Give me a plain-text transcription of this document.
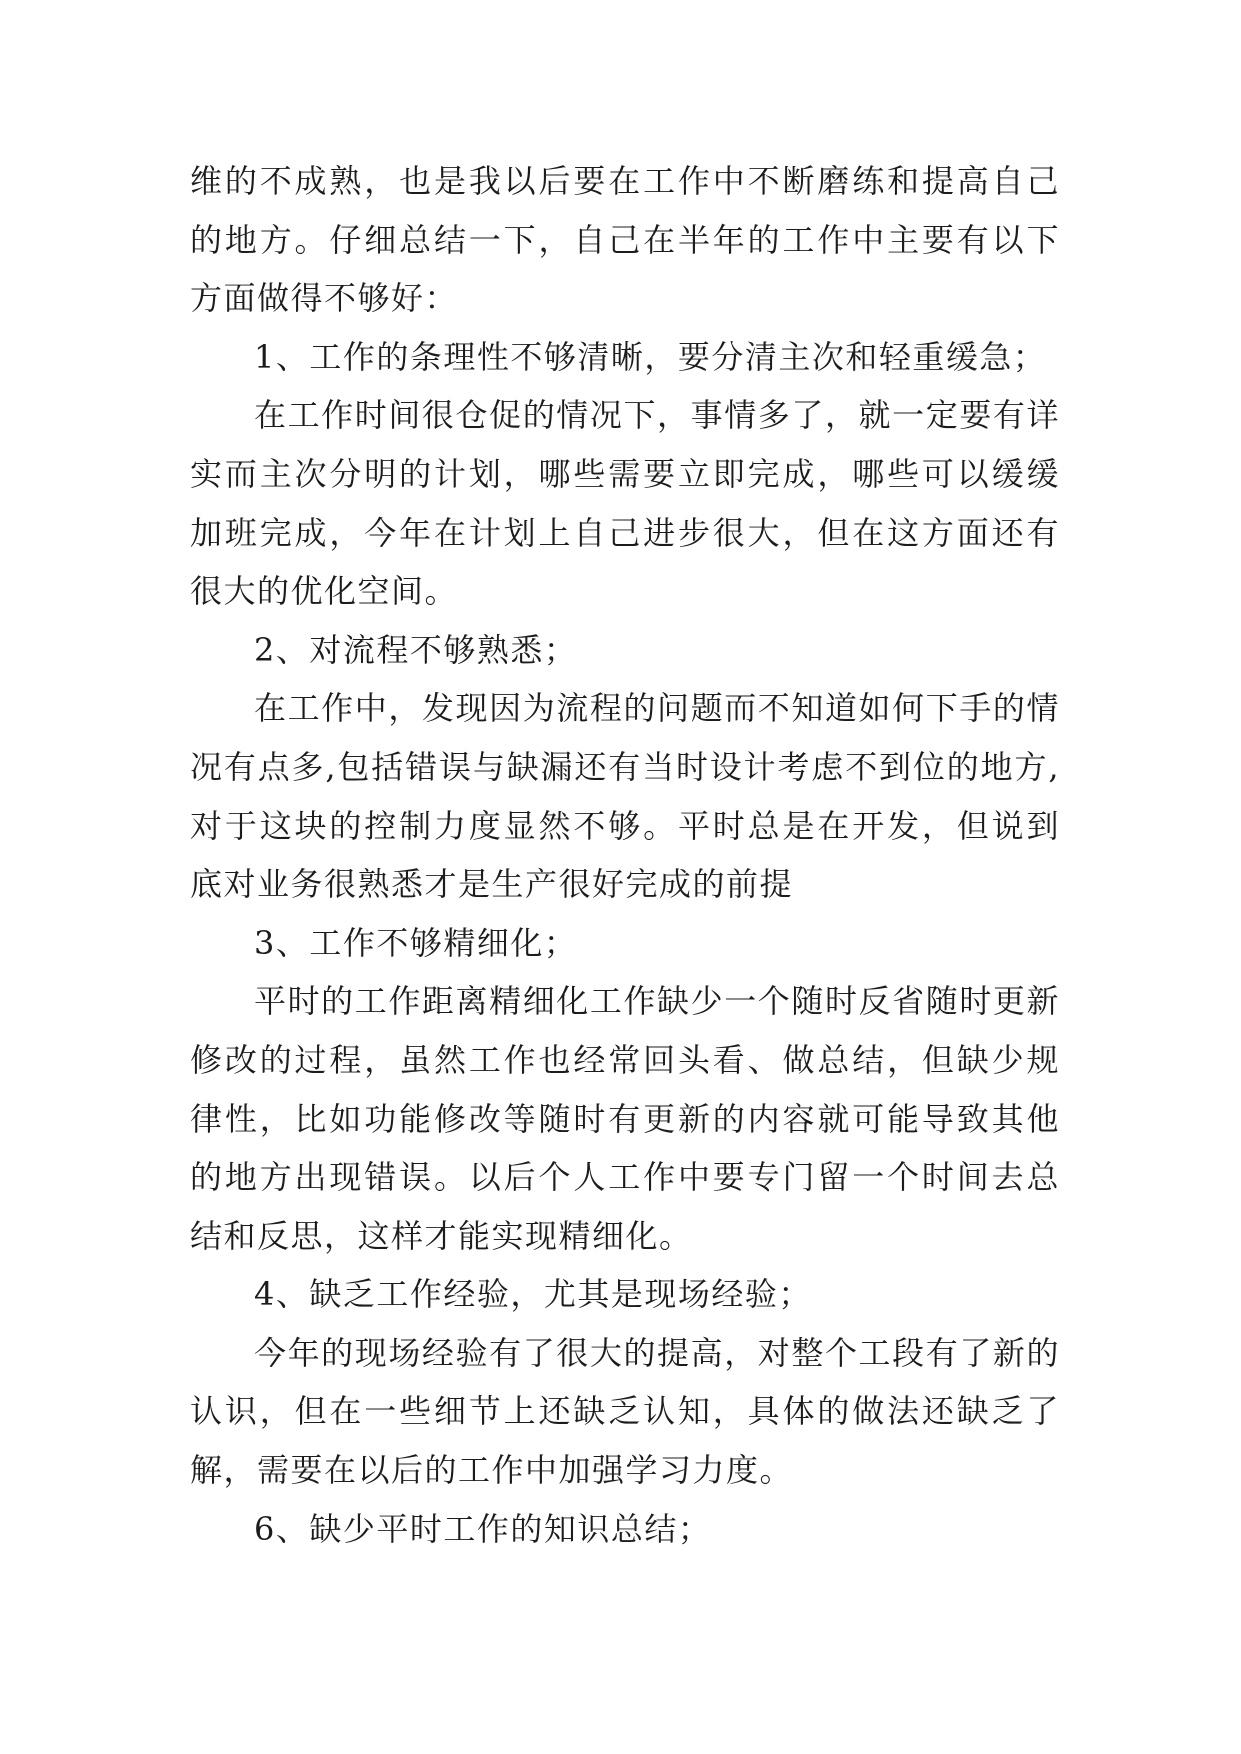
维的不成熟，也是我以后要在工作中不断磨练和提高自己的地方。仔细总结一下，自己在半年的工作中主要有以下方面做得不够好：

1、工作的条理性不够清晰，要分清主次和轻重缓急；

在工作时间很仓促的情况下，事情多了，就一定要有详实而主次分明的计划，哪些需要立即完成，哪些可以缓缓加班完成，今年在计划上自己进步很大，但在这方面还有很大的优化空间。

2、对流程不够熟悉；

在工作中，发现因为流程的问题而不知道如何下手的情况有点多,包括错误与缺漏还有当时设计考虑不到位的地方,对于这块的控制力度显然不够。平时总是在开发，但说到底对业务很熟悉才是生产很好完成的前提

3、工作不够精细化；

平时的工作距离精细化工作缺少一个随时反省随时更新修改的过程，虽然工作也经常回头看、做总结，但缺少规律性，比如功能修改等随时有更新的内容就可能导致其他的地方出现错误。以后个人工作中要专门留一个时间去总结和反思，这样才能实现精细化。

4、缺乏工作经验，尤其是现场经验；

今年的现场经验有了很大的提高，对整个工段有了新的认识，但在一些细节上还缺乏认知，具体的做法还缺乏了解，需要在以后的工作中加强学习力度。

6、缺少平时工作的知识总结；
